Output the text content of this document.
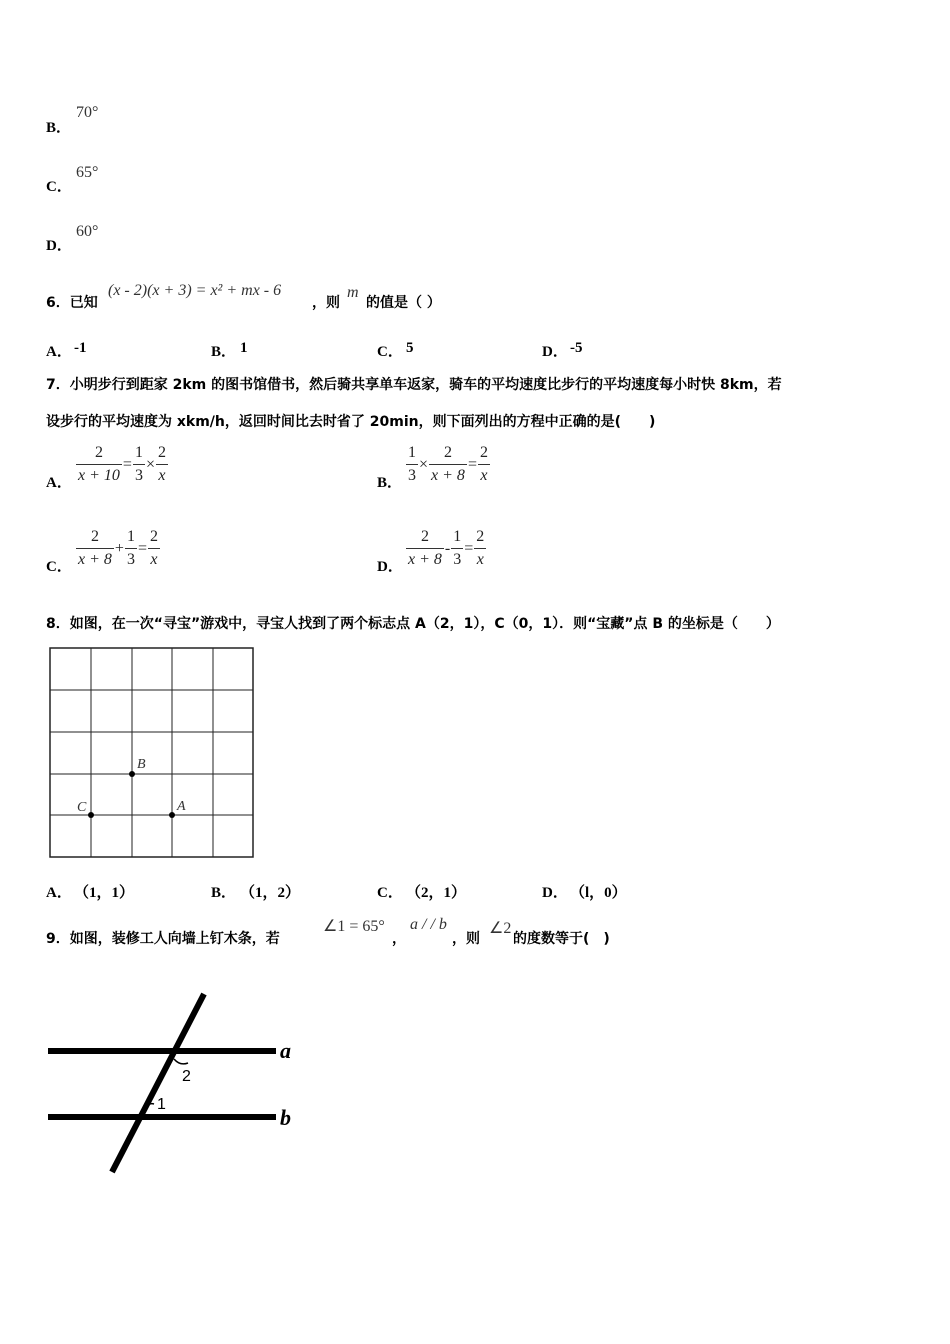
B．
70°
C．
65°
D．
60°
6．已知
(x - 2)(x + 3) = x² + mx - 6
，则
m
的值是（ ）
A． -1	B． 1	C． 5	D． -5
7．小明步行到距家 2km 的图书馆借书，然后骑共享单车返家，骑车的平均速度比步行的平均速度每小时快 8km，若
设步行的平均速度为 xkm/h，返回时间比去时省了 20min，则下面列出的方程中正确的是(　　)
A． $\frac{2}{x + 10} = \frac{1}{3} \times \frac{2}{x}$	B． $\frac{1}{3} \times \frac{2}{x + 8} = \frac{2}{x}$
C． $\frac{2}{x + 8} + \frac{1}{3} = \frac{2}{x}$	D． $\frac{2}{x + 8} - \frac{1}{3} = \frac{2}{x}$
8．如图，在一次“寻宝”游戏中，寻宝人找到了两个标志点 A（2，1），C（0，1）．则“宝藏”点 B 的坐标是（　　）
B
C	A
A． （1，1）	B． （1，2）	C． （2，1）	D． （l，0）
9．如图，装修工人向墙上钉木条，若
∠1 = 65°
，
a / / b
，则
∠2
的度数等于(　)
a
b
2
1
